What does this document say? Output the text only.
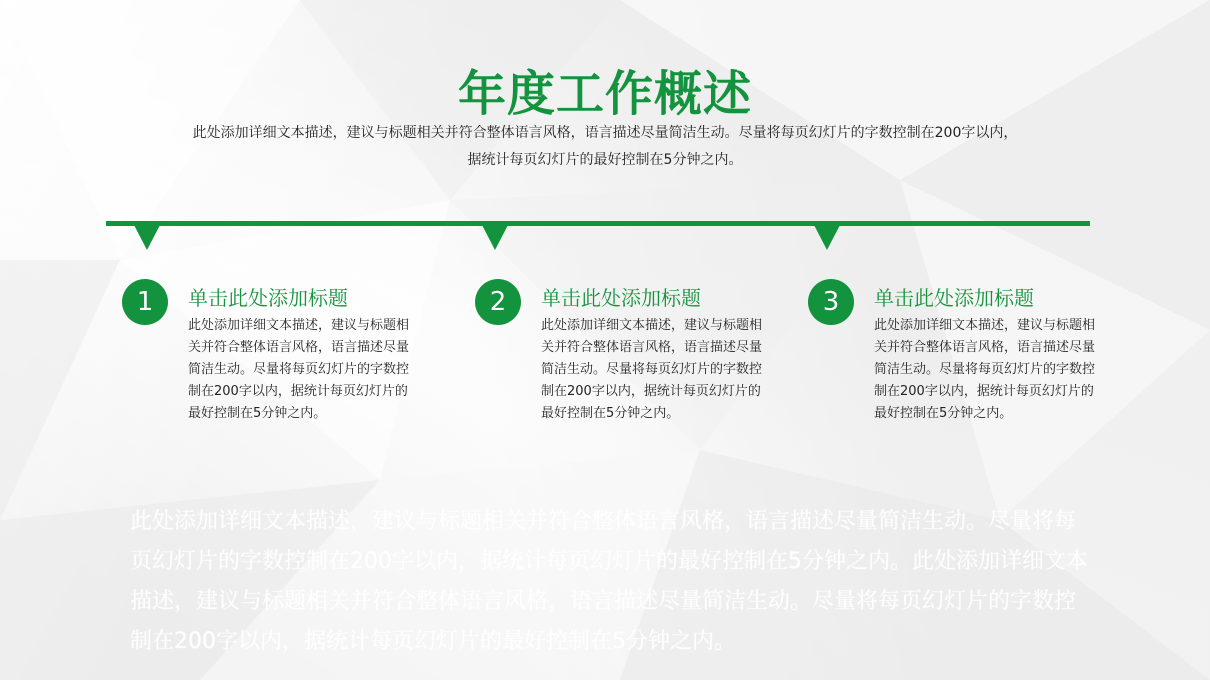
年度工作概述
此处添加详细文本描述，建议与标题相关并符合整体语言风格，语言描述尽量简洁生动。尽量将每页幻灯片的字数控制在200字以内，
据统计每页幻灯片的最好控制在5分钟之内。
1	单击此处添加标题
此处添加详细文本描述，建议与标题相关并符合整体语言风格，语言描述尽量简洁生动。尽量将每页幻灯片的字数控制在200字以内，据统计每页幻灯片的最好控制在5分钟之内。
2	单击此处添加标题
此处添加详细文本描述，建议与标题相关并符合整体语言风格，语言描述尽量简洁生动。尽量将每页幻灯片的字数控制在200字以内，据统计每页幻灯片的最好控制在5分钟之内。
3	单击此处添加标题
此处添加详细文本描述，建议与标题相关并符合整体语言风格，语言描述尽量简洁生动。尽量将每页幻灯片的字数控制在200字以内，据统计每页幻灯片的最好控制在5分钟之内。
此处添加详细文本描述，建议与标题相关并符合整体语言风格，语言描述尽量简洁生动。尽量将每页幻灯片的字数控制在200字以内，据统计每页幻灯片的最好控制在5分钟之内。此处添加详细文本描述，建议与标题相关并符合整体语言风格，语言描述尽量简洁生动。尽量将每页幻灯片的字数控制在200字以内，据统计每页幻灯片的最好控制在5分钟之内。
